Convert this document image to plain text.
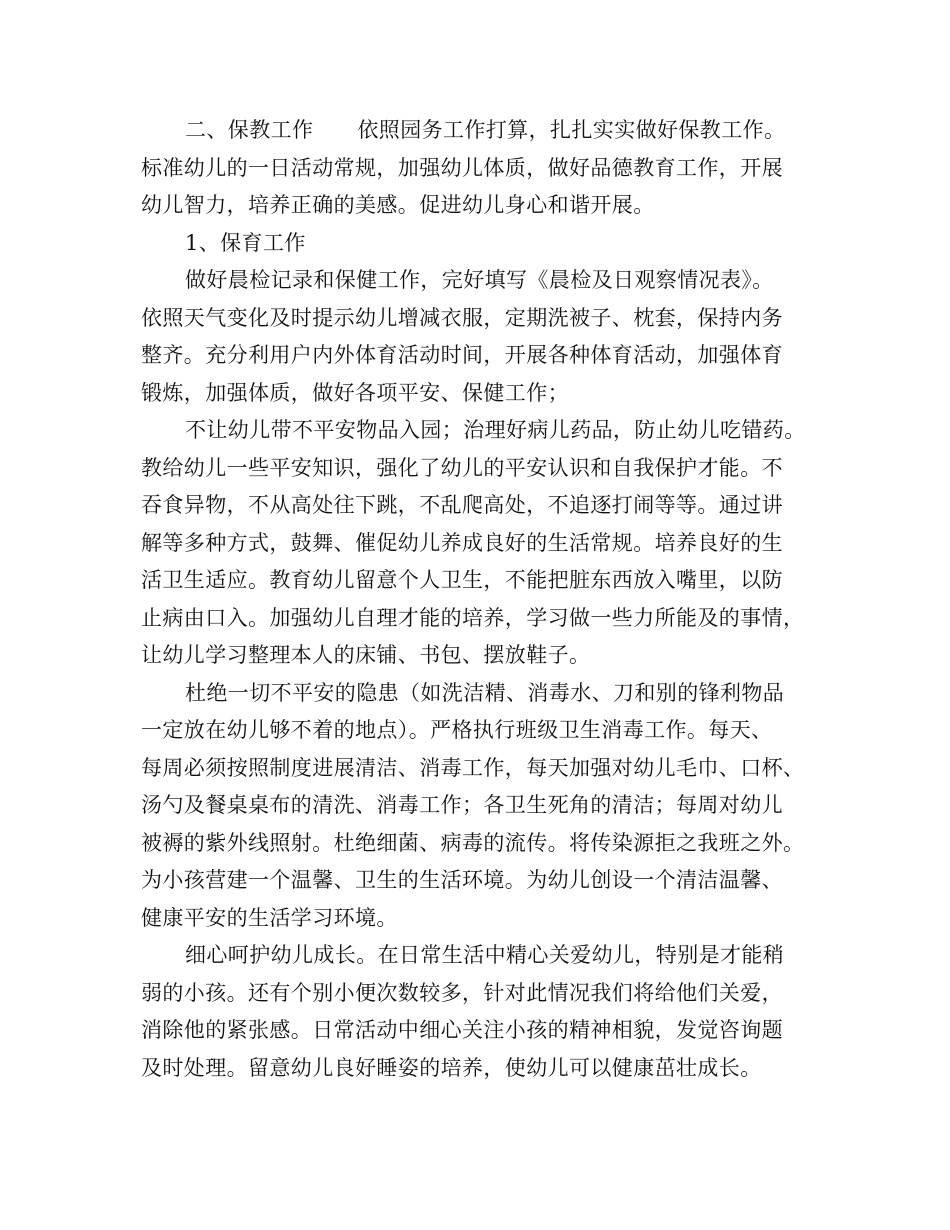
二、保教工作 依照园务工作打算，扎扎实实做好保教工作。
标准幼儿的一日活动常规，加强幼儿体质，做好品德教育工作，开展
幼儿智力，培养正确的美感。促进幼儿身心和谐开展。
1、保育工作
做好晨检记录和保健工作，完好填写《晨检及日观察情况表》。
依照天气变化及时提示幼儿增减衣服，定期洗被子、枕套，保持内务
整齐。充分利用户内外体育活动时间，开展各种体育活动，加强体育
锻炼，加强体质，做好各项平安、保健工作；
不让幼儿带不平安物品入园；治理好病儿药品，防止幼儿吃错药。
教给幼儿一些平安知识，强化了幼儿的平安认识和自我保护才能。不
吞食异物，不从高处往下跳，不乱爬高处，不追逐打闹等等。通过讲
解等多种方式，鼓舞、催促幼儿养成良好的生活常规。培养良好的生
活卫生适应。教育幼儿留意个人卫生，不能把脏东西放入嘴里，以防
止病由口入。加强幼儿自理才能的培养，学习做一些力所能及的事情，
让幼儿学习整理本人的床铺、书包、摆放鞋子。
杜绝一切不平安的隐患（如洗洁精、消毒水、刀和别的锋利物品
一定放在幼儿够不着的地点）。严格执行班级卫生消毒工作。每天、
每周必须按照制度进展清洁、消毒工作，每天加强对幼儿毛巾、口杯、
汤勺及餐桌桌布的清洗、消毒工作；各卫生死角的清洁；每周对幼儿
被褥的紫外线照射。杜绝细菌、病毒的流传。将传染源拒之我班之外。
为小孩营建一个温馨、卫生的生活环境。为幼儿创设一个清洁温馨、
健康平安的生活学习环境。
细心呵护幼儿成长。在日常生活中精心关爱幼儿，特别是才能稍
弱的小孩。还有个别小便次数较多，针对此情况我们将给他们关爱，
消除他的紧张感。日常活动中细心关注小孩的精神相貌，发觉咨询题
及时处理。留意幼儿良好睡姿的培养，使幼儿可以健康茁壮成长。
